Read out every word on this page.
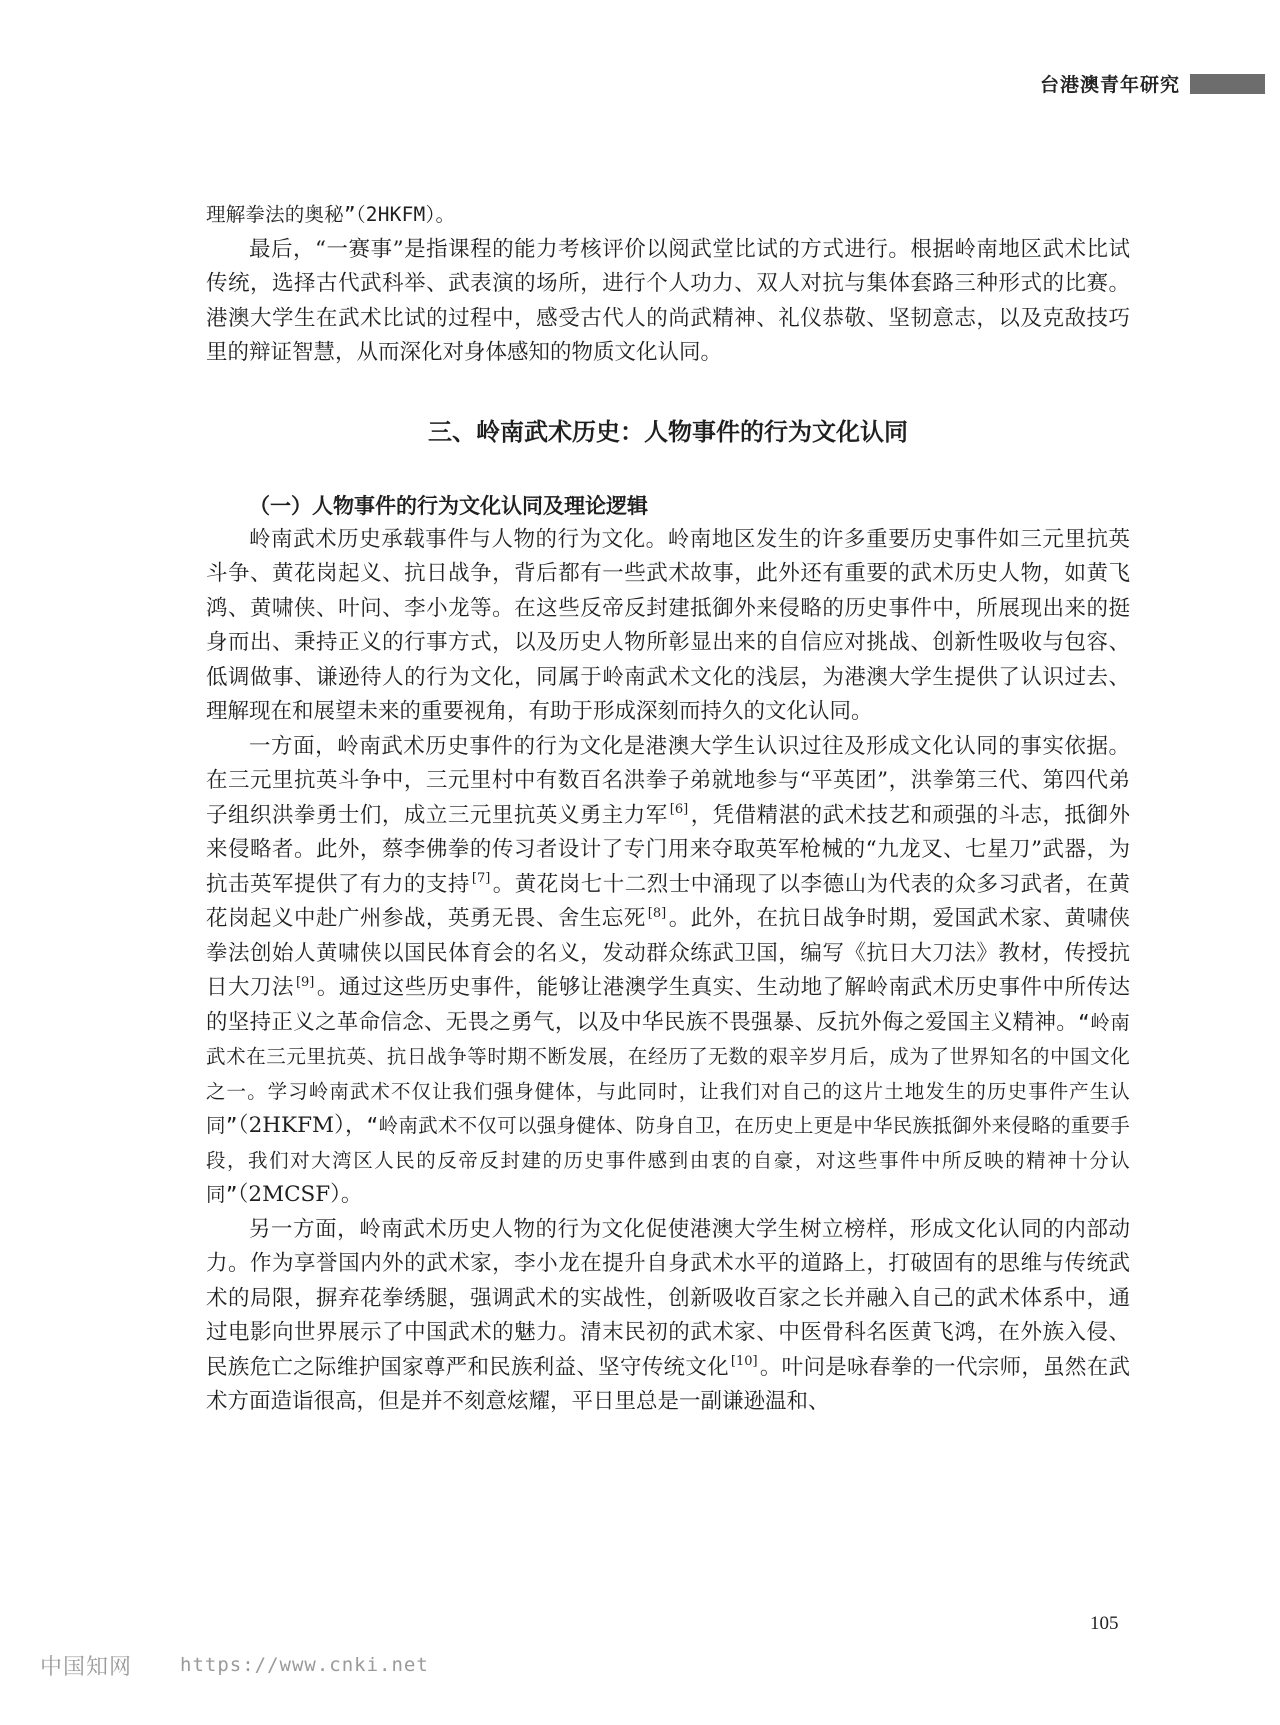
台港澳青年研究

理解拳法的奥秘”（2HKFM）。

最后，“一赛事”是指课程的能力考核评价以阅武堂比试的方式进行。根据岭南地区武术比试传统，选择古代武科举、武表演的场所，进行个人功力、双人对抗与集体套路三种形式的比赛。港澳大学生在武术比试的过程中，感受古代人的尚武精神、礼仪恭敬、坚韧意志，以及克敌技巧里的辩证智慧，从而深化对身体感知的物质文化认同。

三、岭南武术历史：人物事件的行为文化认同

（一）人物事件的行为文化认同及理论逻辑

岭南武术历史承载事件与人物的行为文化。岭南地区发生的许多重要历史事件如三元里抗英斗争、黄花岗起义、抗日战争，背后都有一些武术故事，此外还有重要的武术历史人物，如黄飞鸿、黄啸侠、叶问、李小龙等。在这些反帝反封建抵御外来侵略的历史事件中，所展现出来的挺身而出、秉持正义的行事方式，以及历史人物所彰显出来的自信应对挑战、创新性吸收与包容、低调做事、谦逊待人的行为文化，同属于岭南武术文化的浅层，为港澳大学生提供了认识过去、理解现在和展望未来的重要视角，有助于形成深刻而持久的文化认同。

一方面，岭南武术历史事件的行为文化是港澳大学生认识过往及形成文化认同的事实依据。在三元里抗英斗争中，三元里村中有数百名洪拳子弟就地参与“平英团”，洪拳第三代、第四代弟子组织洪拳勇士们，成立三元里抗英义勇主力军 [6]，凭借精湛的武术技艺和顽强的斗志，抵御外来侵略者。此外，蔡李佛拳的传习者设计了专门用来夺取英军枪械的“九龙叉、七星刀”武器，为抗击英军提供了有力的支持 [7]。黄花岗七十二烈士中涌现了以李德山为代表的众多习武者，在黄花岗起义中赴广州参战，英勇无畏、舍生忘死 [8]。此外，在抗日战争时期，爱国武术家、黄啸侠拳法创始人黄啸侠以国民体育会的名义，发动群众练武卫国，编写《抗日大刀法》教材，传授抗日大刀法 [9]。通过这些历史事件，能够让港澳学生真实、生动地了解岭南武术历史事件中所传达的坚持正义之革命信念、无畏之勇气，以及中华民族不畏强暴、反抗外侮之爱国主义精神。“岭南武术在三元里抗英、抗日战争等时期不断发展，在经历了无数的艰辛岁月后，成为了世界知名的中国文化之一。学习岭南武术不仅让我们强身健体，与此同时，让我们对自己的这片土地发生的历史事件产生认同”（2HKFM），“岭南武术不仅可以强身健体、防身自卫，在历史上更是中华民族抵御外来侵略的重要手段，我们对大湾区人民的反帝反封建的历史事件感到由衷的自豪，对这些事件中所反映的精神十分认同”（2MCSF）。

另一方面，岭南武术历史人物的行为文化促使港澳大学生树立榜样，形成文化认同的内部动力。作为享誉国内外的武术家，李小龙在提升自身武术水平的道路上，打破固有的思维与传统武术的局限，摒弃花拳绣腿，强调武术的实战性，创新吸收百家之长并融入自己的武术体系中，通过电影向世界展示了中国武术的魅力。清末民初的武术家、中医骨科名医黄飞鸿，在外族入侵、民族危亡之际维护国家尊严和民族利益、坚守传统文化 [10]。叶问是咏春拳的一代宗师，虽然在武术方面造诣很高，但是并不刻意炫耀，平日里总是一副谦逊温和、

105
中国知网	https://www.cnki.net
